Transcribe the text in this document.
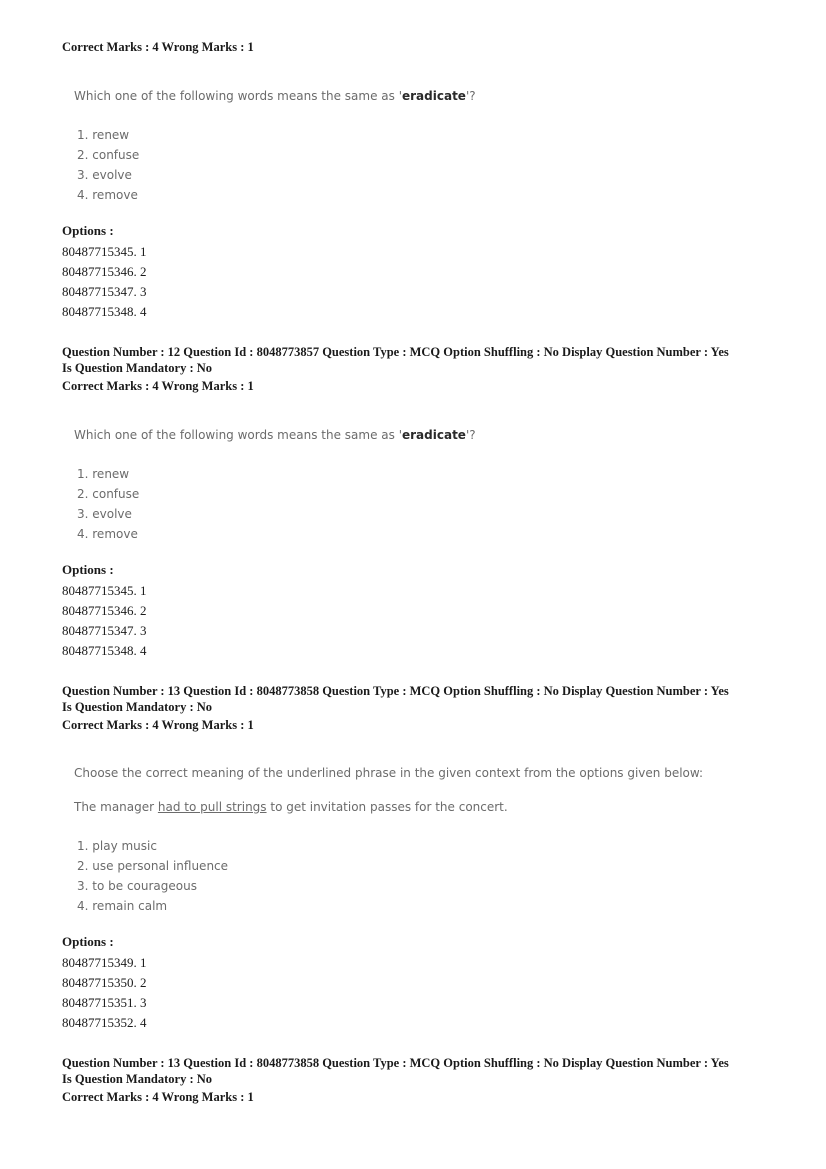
Correct Marks : 4 Wrong Marks : 1
Which one of the following words means the same as 'eradicate'?
1. renew
2. confuse
3. evolve
4. remove
Options :
80487715345. 1
80487715346. 2
80487715347. 3
80487715348. 4
Question Number : 12 Question Id : 8048773857 Question Type : MCQ Option Shuffling : No Display Question Number : Yes
Is Question Mandatory : No
Correct Marks : 4 Wrong Marks : 1
Which one of the following words means the same as 'eradicate'?
1. renew
2. confuse
3. evolve
4. remove
Options :
80487715345. 1
80487715346. 2
80487715347. 3
80487715348. 4
Question Number : 13 Question Id : 8048773858 Question Type : MCQ Option Shuffling : No Display Question Number : Yes
Is Question Mandatory : No
Correct Marks : 4 Wrong Marks : 1
Choose the correct meaning of the underlined phrase in the given context from the options given below:
The manager had to pull strings to get invitation passes for the concert.
1. play music
2. use personal influence
3. to be courageous
4. remain calm
Options :
80487715349. 1
80487715350. 2
80487715351. 3
80487715352. 4
Question Number : 13 Question Id : 8048773858 Question Type : MCQ Option Shuffling : No Display Question Number : Yes
Is Question Mandatory : No
Correct Marks : 4 Wrong Marks : 1
